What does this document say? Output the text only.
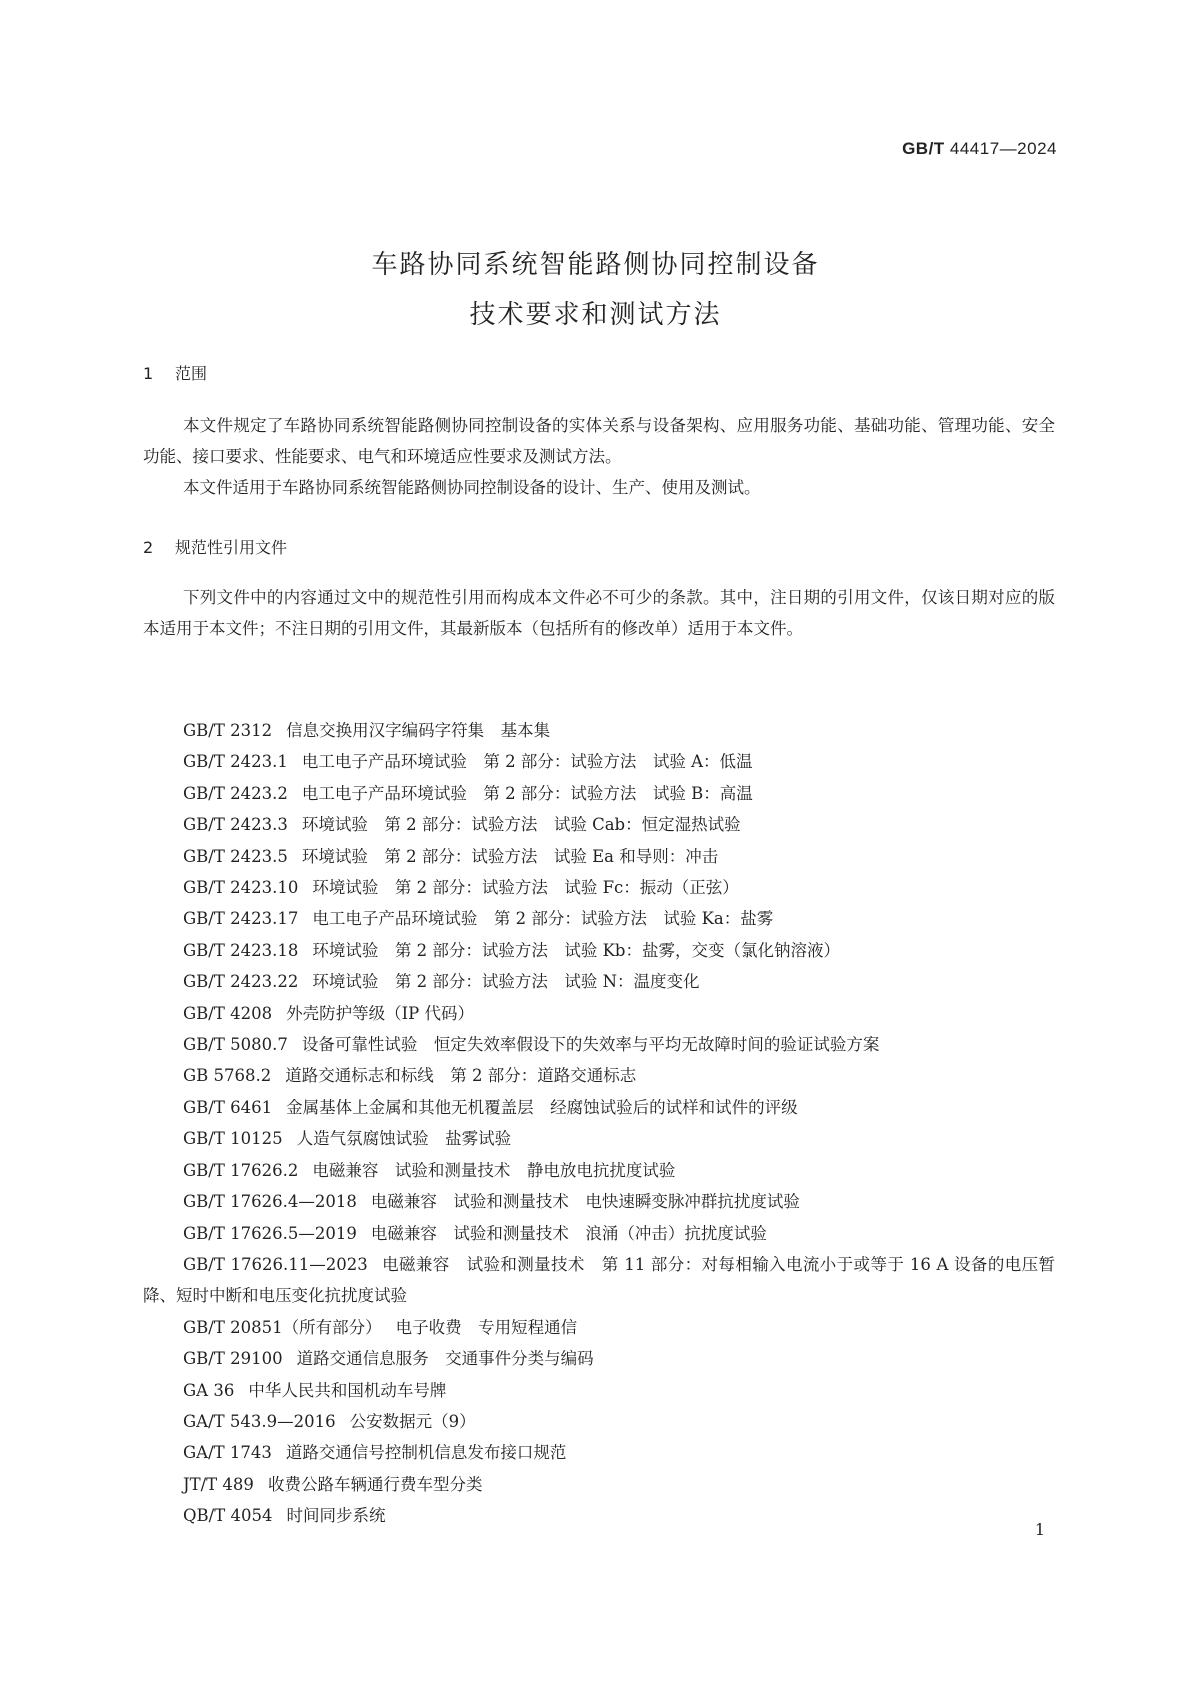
GB/T 44417—2024
车路协同系统智能路侧协同控制设备
技术要求和测试方法
1 范围

本文件规定了车路协同系统智能路侧协同控制设备的实体关系与设备架构、应用服务功能、基础功能、管理功能、安全功能、接口要求、性能要求、电气和环境适应性要求及测试方法。

本文件适用于车路协同系统智能路侧协同控制设备的设计、生产、使用及测试。

2 规范性引用文件

下列文件中的内容通过文中的规范性引用而构成本文件必不可少的条款。其中，注日期的引用文件，仅该日期对应的版本适用于本文件；不注日期的引用文件，其最新版本（包括所有的修改单）适用于本文件。

GB/T 2312 信息交换用汉字编码字符集　基本集
GB/T 2423.1 电工电子产品环境试验　第 2 部分：试验方法　试验 A：低温
GB/T 2423.2 电工电子产品环境试验　第 2 部分：试验方法　试验 B：高温
GB/T 2423.3 环境试验　第 2 部分：试验方法　试验 Cab：恒定湿热试验
GB/T 2423.5 环境试验　第 2 部分：试验方法　试验 Ea 和导则：冲击
GB/T 2423.10 环境试验　第 2 部分：试验方法　试验 Fc：振动（正弦）
GB/T 2423.17 电工电子产品环境试验　第 2 部分：试验方法　试验 Ka：盐雾
GB/T 2423.18 环境试验　第 2 部分：试验方法　试验 Kb：盐雾，交变（氯化钠溶液）
GB/T 2423.22 环境试验　第 2 部分：试验方法　试验 N：温度变化
GB/T 4208 外壳防护等级（IP 代码）
GB/T 5080.7 设备可靠性试验　恒定失效率假设下的失效率与平均无故障时间的验证试验方案
GB 5768.2 道路交通标志和标线　第 2 部分：道路交通标志
GB/T 6461 金属基体上金属和其他无机覆盖层　经腐蚀试验后的试样和试件的评级
GB/T 10125 人造气氛腐蚀试验　盐雾试验
GB/T 17626.2 电磁兼容　试验和测量技术　静电放电抗扰度试验
GB/T 17626.4—2018 电磁兼容　试验和测量技术　电快速瞬变脉冲群抗扰度试验
GB/T 17626.5—2019 电磁兼容　试验和测量技术　浪涌（冲击）抗扰度试验
GB/T 17626.11—2023 电磁兼容　试验和测量技术　第 11 部分：对每相输入电流小于或等于 16 A 设备的电压暂降、短时中断和电压变化抗扰度试验
GB/T 20851（所有部分） 电子收费　专用短程通信
GB/T 29100 道路交通信息服务　交通事件分类与编码
GA 36 中华人民共和国机动车号牌
GA/T 543.9—2016 公安数据元（9）
GA/T 1743 道路交通信号控制机信息发布接口规范
JT/T 489 收费公路车辆通行费车型分类
QB/T 4054 时间同步系统
1
